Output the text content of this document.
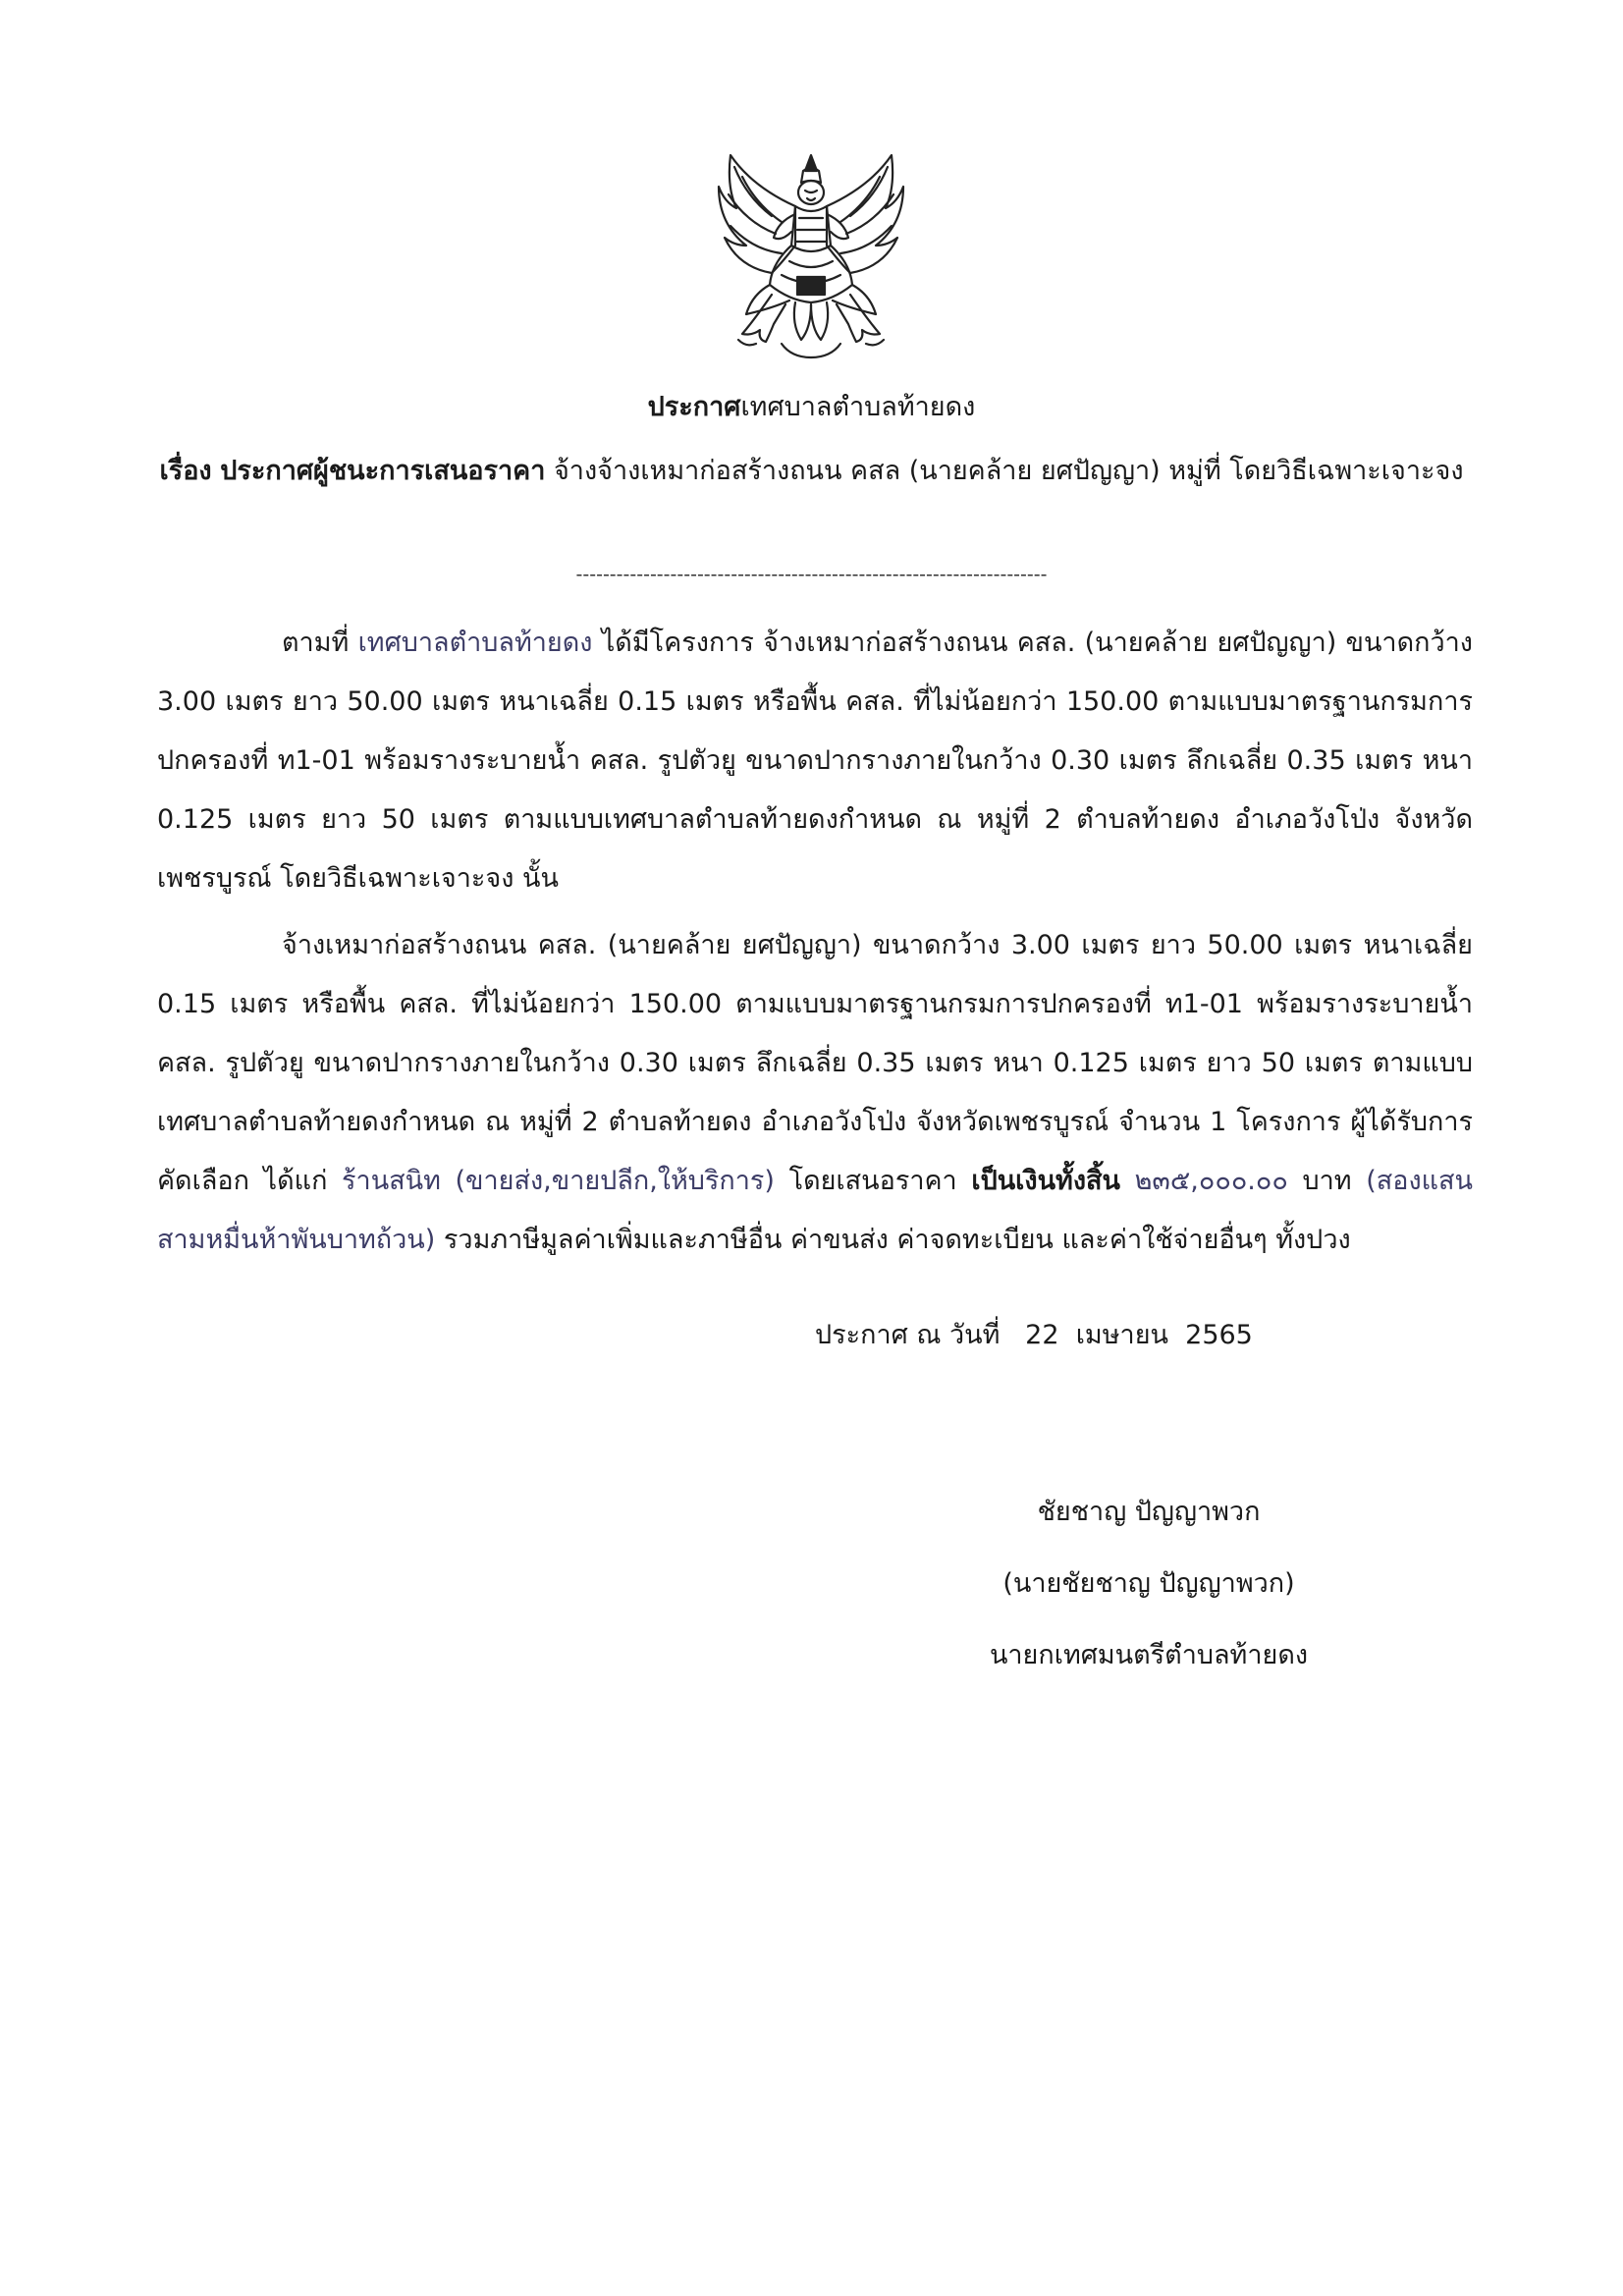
ประกาศเทศบาลตำบลท้ายดง
เรื่อง ประกาศผู้ชนะการเสนอราคา จ้างจ้างเหมาก่อสร้างถนน คสล (นายคล้าย ยศปัญญา) หมู่ที่ โดยวิธีเฉพาะเจาะจง
----------------------------------------------------------------------

ตามที่ เทศบาลตำบลท้ายดง ได้มีโครงการ จ้างเหมาก่อสร้างถนน คสล. (นายคล้าย ยศปัญญา) ขนาดกว้าง 3.00 เมตร ยาว 50.00 เมตร หนาเฉลี่ย 0.15 เมตร หรือพื้น คสล. ที่ไม่น้อยกว่า 150.00 ตามแบบมาตรฐานกรมการปกครองที่ ท1-01 พร้อมรางระบายน้ำ คสล. รูปตัวยู ขนาดปากรางภายในกว้าง 0.30 เมตร ลึกเฉลี่ย 0.35 เมตร หนา 0.125 เมตร ยาว 50 เมตร ตามแบบเทศบาลตำบลท้ายดงกำหนด ณ หมู่ที่ 2 ตำบลท้ายดง อำเภอวังโป่ง จังหวัดเพชรบูรณ์ โดยวิธีเฉพาะเจาะจง นั้น

จ้างเหมาก่อสร้างถนน คสล. (นายคล้าย ยศปัญญา) ขนาดกว้าง 3.00 เมตร ยาว 50.00 เมตร หนาเฉลี่ย 0.15 เมตร หรือพื้น คสล. ที่ไม่น้อยกว่า 150.00 ตามแบบมาตรฐานกรมการปกครองที่ ท1-01 พร้อมรางระบายน้ำ คสล. รูปตัวยู ขนาดปากรางภายในกว้าง 0.30 เมตร ลึกเฉลี่ย 0.35 เมตร หนา 0.125 เมตร ยาว 50 เมตร ตามแบบเทศบาลตำบลท้ายดงกำหนด ณ หมู่ที่ 2 ตำบลท้ายดง อำเภอวังโป่ง จังหวัดเพชรบูรณ์ จำนวน 1 โครงการ ผู้ได้รับการคัดเลือก ได้แก่ ร้านสนิท (ขายส่ง,ขายปลีก,ให้บริการ) โดยเสนอราคา เป็นเงินทั้งสิ้น ๒๓๕,๐๐๐.๐๐ บาท (สองแสนสามหมื่นห้าพันบาทถ้วน) รวมภาษีมูลค่าเพิ่มและภาษีอื่น ค่าขนส่ง ค่าจดทะเบียน และค่าใช้จ่ายอื่นๆ ทั้งปวง

ประกาศ ณ วันที่ 22 เมษายน 2565
ชัยชาญ ปัญญาพวก
(นายชัยชาญ ปัญญาพวก)
นายกเทศมนตรีตำบลท้ายดง
